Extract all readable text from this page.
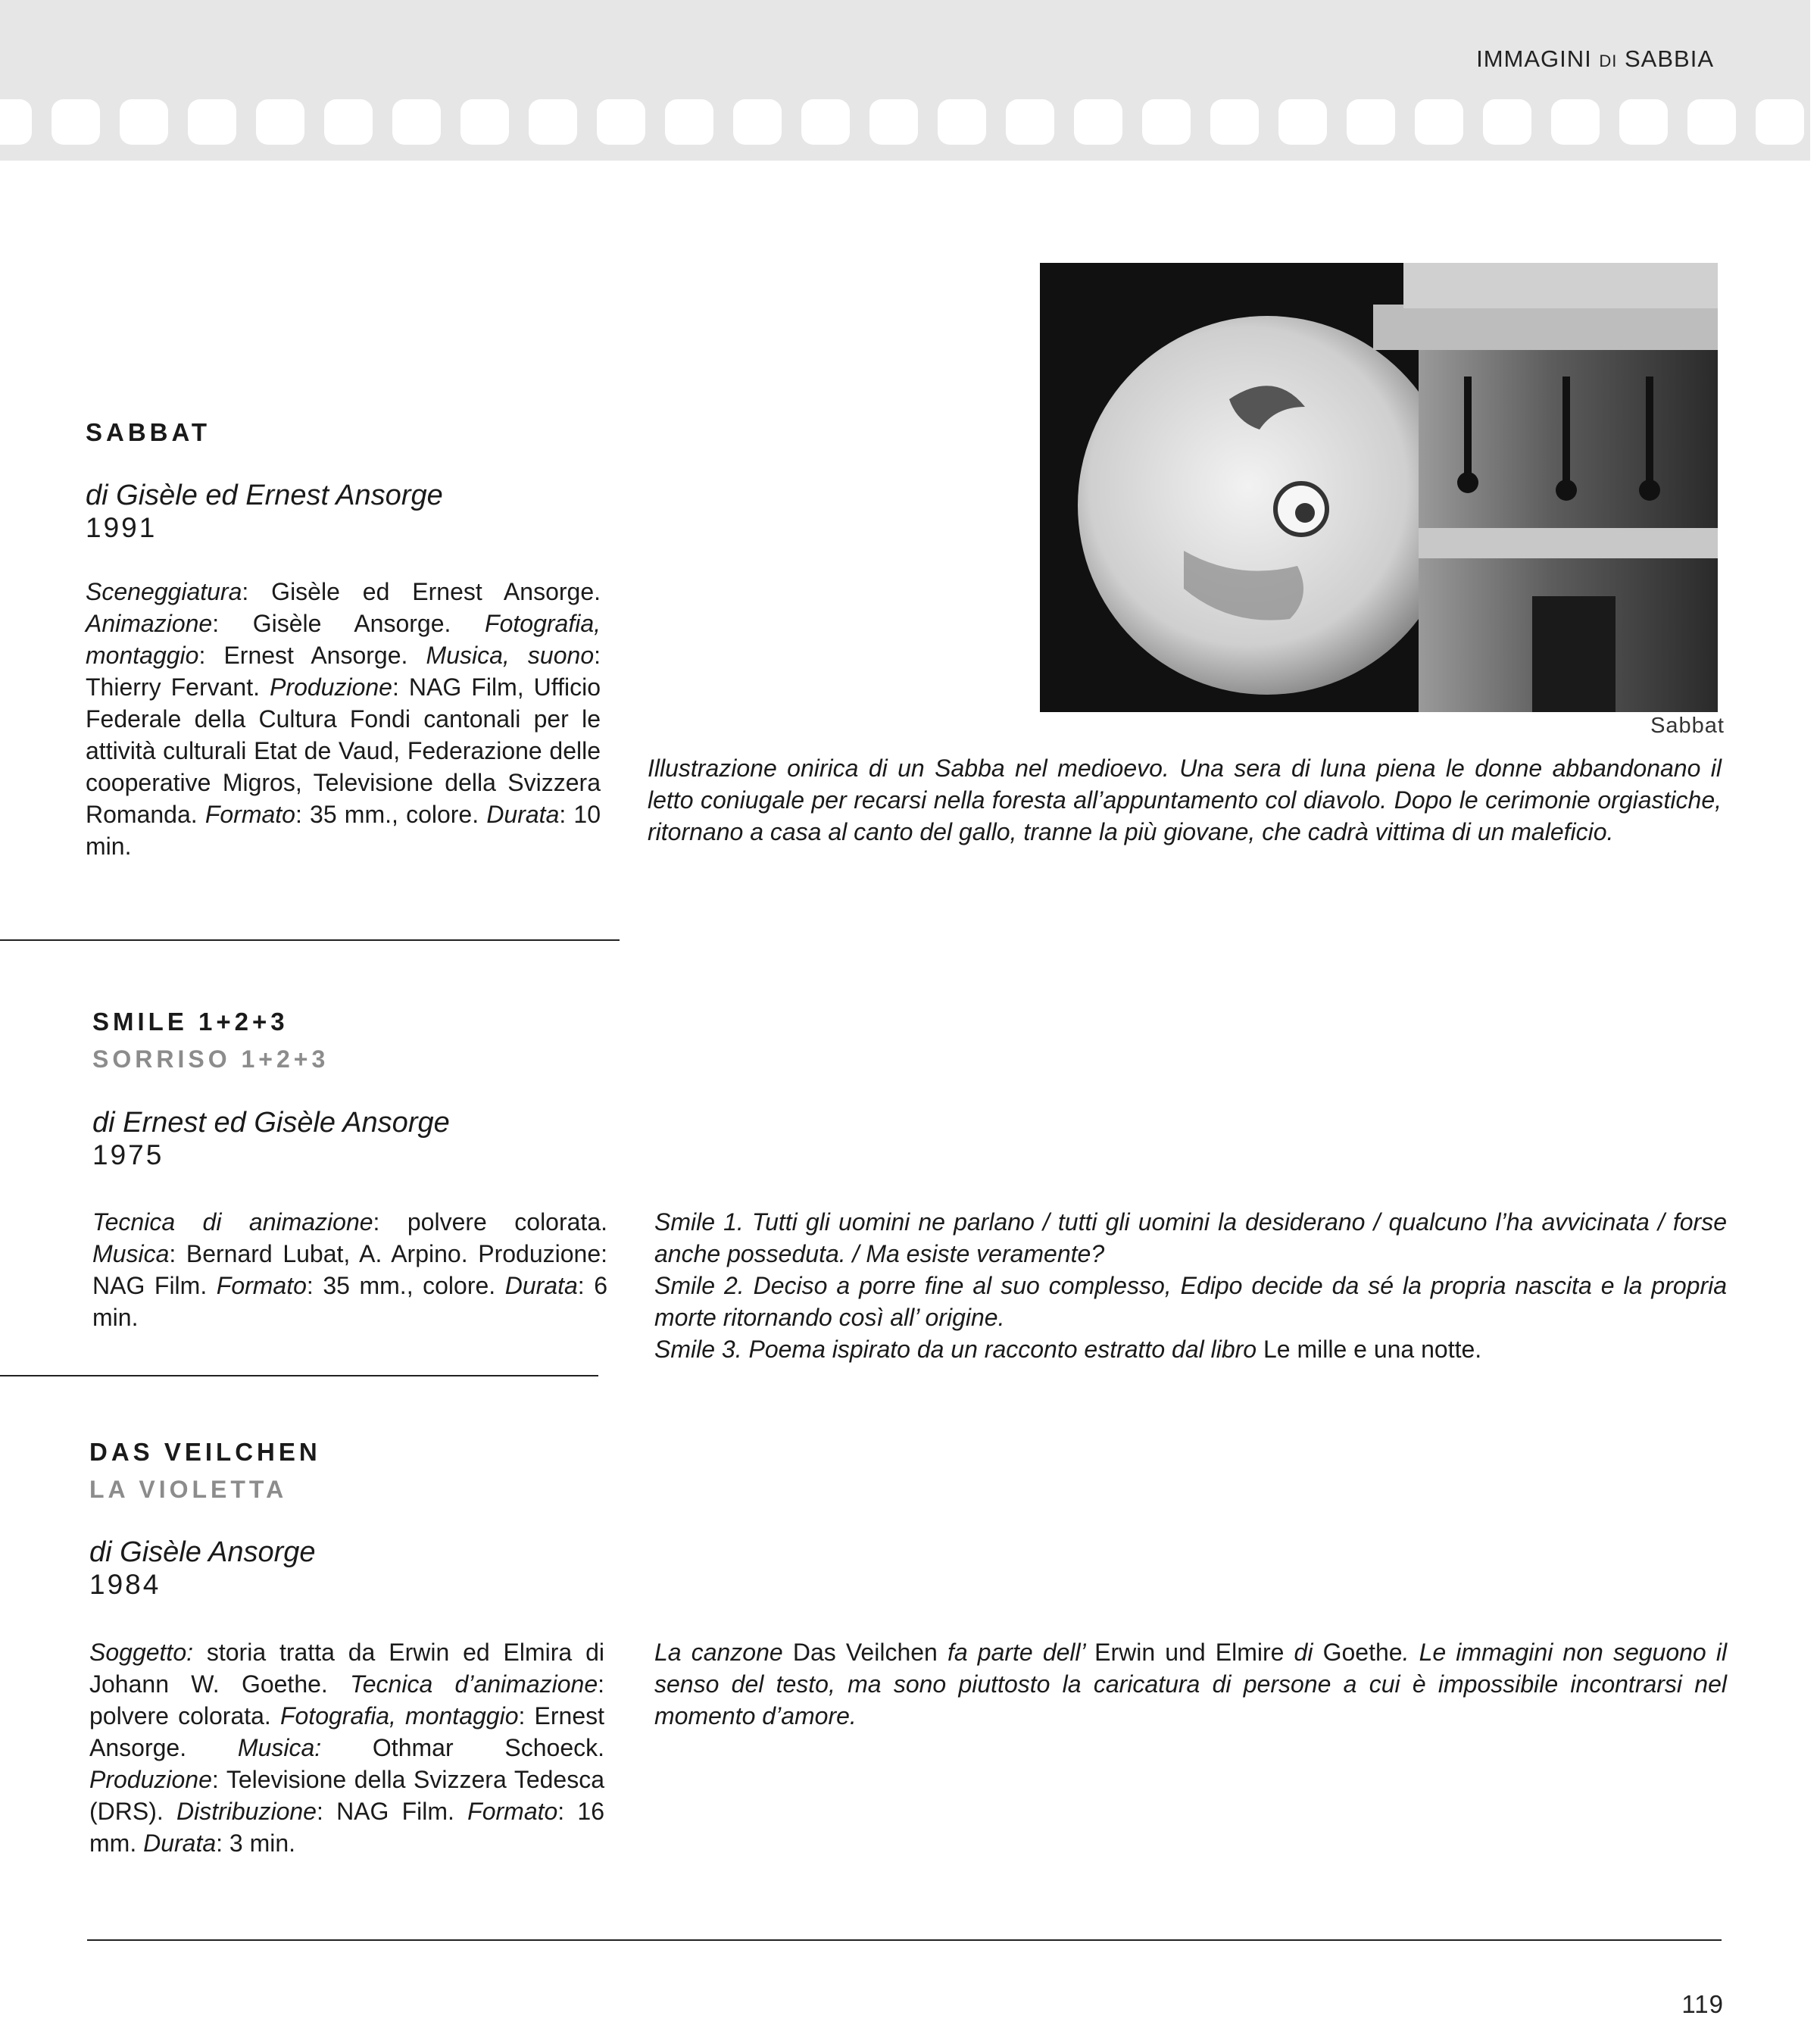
IMMAGINI DI SABBIA
SABBAT
di Gisèle ed Ernest Ansorge
1991

Sceneggiatura: Gisèle ed Ernest Ansorge. Animazione: Gisèle Ansorge. Fotografia, montaggio: Ernest Ansorge. Musica, suono: Thierry Fervant. Produzione: NAG Film, Ufficio Federale della Cultura Fondi cantonali per le attività culturali Etat de Vaud, Federazione delle cooperative Migros, Televisione della Svizzera Romanda. Formato: 35 mm., colore. Durata: 10 min.

Sabbat

Illustrazione onirica di un Sabba nel medioevo. Una sera di luna piena le donne abbandonano il letto coniugale per recarsi nella foresta all’appuntamento col diavolo. Dopo le cerimonie orgiastiche, ritornano a casa al canto del gallo, tranne la più giovane, che cadrà vittima di un maleficio.

SMILE 1+2+3
SORRISO 1+2+3
di Ernest ed Gisèle Ansorge
1975

Tecnica di animazione: polvere colorata. Musica: Bernard Lubat, A. Arpino. Produzione: NAG Film. Formato: 35 mm., colore. Durata: 6 min.

Smile 1. Tutti gli uomini ne parlano / tutti gli uomini la desiderano / qualcuno l’ha avvicinata / forse anche posseduta. / Ma esiste veramente?
Smile 2. Deciso a porre fine al suo complesso, Edipo decide da sé la propria nascita e la propria morte ritornando così all’ origine.
Smile 3. Poema ispirato da un racconto estratto dal libro Le mille e una notte.
DAS VEILCHEN
LA VIOLETTA
di Gisèle Ansorge
1984

Soggetto: storia tratta da Erwin ed Elmira di Johann W. Goethe. Tecnica d’animazione: polvere colorata. Fotografia, montaggio: Ernest Ansorge. Musica: Othmar Schoeck. Produzione: Televisione della Svizzera Tedesca (DRS). Distribuzione: NAG Film. Formato: 16 mm. Durata: 3 min.

La canzone Das Veilchen fa parte dell’ Erwin und Elmire di Goethe. Le immagini non seguono il senso del testo, ma sono piuttosto la caricatura di persone a cui è impossibile incontrarsi nel momento d’amore.

119
